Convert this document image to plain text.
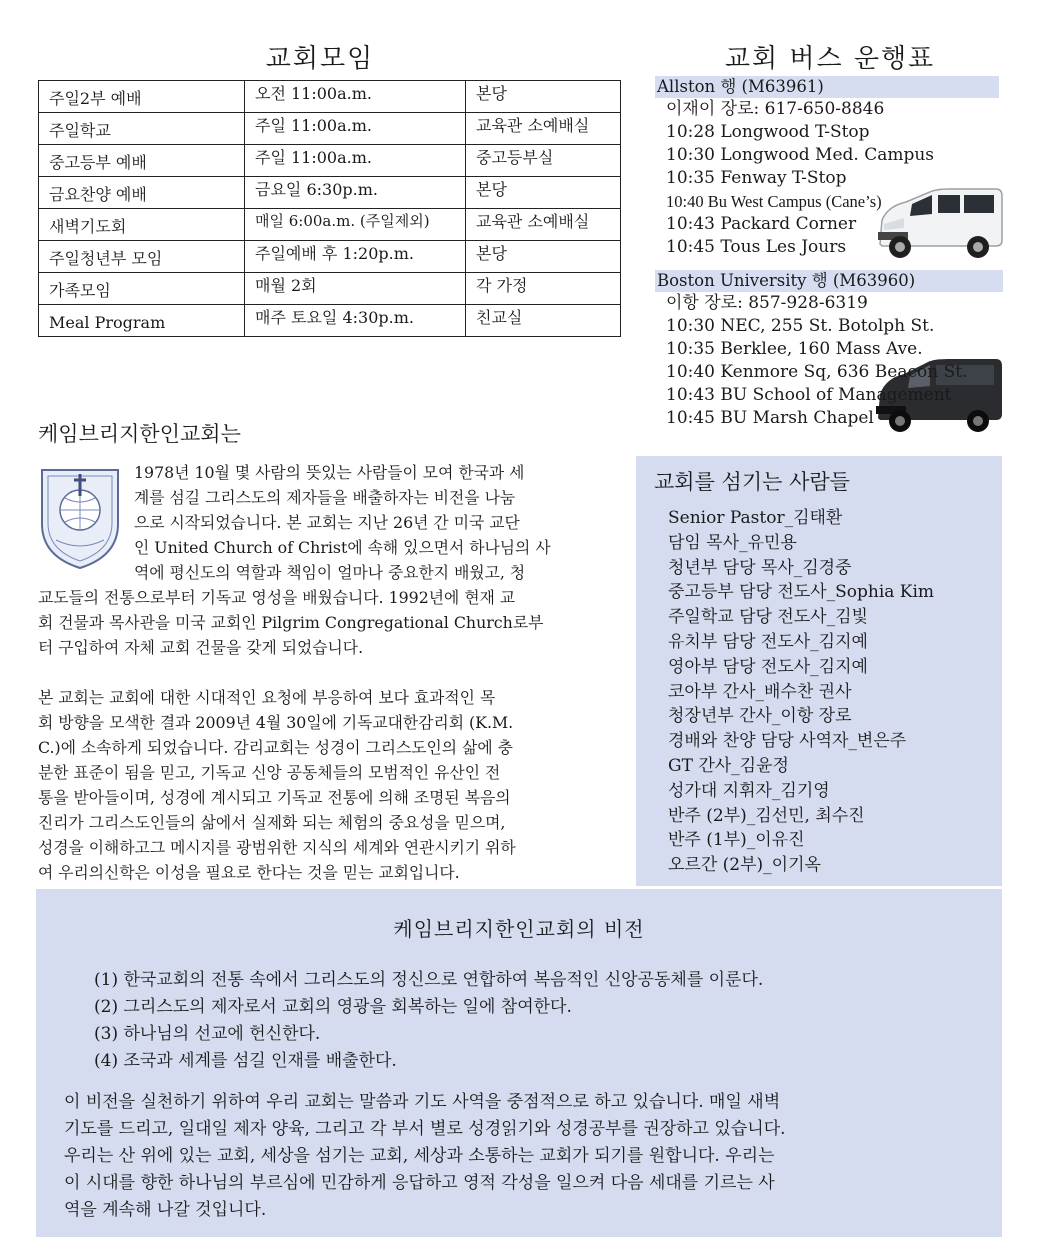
교회모임
주일2부 예배	오전 11:00a.m.	본당
주일학교	주일 11:00a.m.	교육관 소예배실
중고등부 예배	주일 11:00a.m.	중고등부실
금요찬양 예배	금요일 6:30p.m.	본당
새벽기도회	매일 6:00a.m. (주일제외)	교육관 소예배실
주일청년부 모임	주일예배 후 1:20p.m.	본당
가족모임	매월 2회	각 가정
Meal Program	매주 토요일 4:30p.m.	친교실
교회 버스 운행표
Allston 행 (M63961)
이재이 장로: 617-650-8846
10:28 Longwood T-Stop
10:30 Longwood Med. Campus
10:35 Fenway T-Stop
10:40 Bu West Campus (Cane’s)
10:43 Packard Corner
10:45 Tous Les Jours
Boston University 행 (M63960)
이항 장로: 857-928-6319
10:30 NEC, 255 St. Botolph St.
10:35 Berklee, 160 Mass Ave.
10:40 Kenmore Sq, 636 Beacon St.
10:43 BU School of Management
10:45 BU Marsh Chapel
케임브리지한인교회는

1978년 10월 몇 사람의 뜻있는 사람들이 모여 한국과 세

계를 섬길 그리스도의 제자들을 배출하자는 비전을 나눔

으로 시작되었습니다. 본 교회는 지난 26년 간 미국 교단

인 United Church of Christ에 속해 있으면서 하나님의 사

역에 평신도의 역할과 책임이 얼마나 중요한지 배웠고, 청

교도들의 전통으로부터 기독교 영성을 배웠습니다. 1992년에 현재 교

회 건물과 목사관을 미국 교회인 Pilgrim Congregational Church로부

터 구입하여 자체 교회 건물을 갖게 되었습니다.

본 교회는 교회에 대한 시대적인 요청에 부응하여 보다 효과적인 목

회 방향을 모색한 결과 2009년 4월 30일에 기독교대한감리회 (K.M.

C.)에 소속하게 되었습니다. 감리교회는 성경이 그리스도인의 삶에 충

분한 표준이 됨을 믿고, 기독교 신앙 공동체들의 모범적인 유산인 전

통을 받아들이며, 성경에 계시되고 기독교 전통에 의해 조명된 복음의

진리가 그리스도인들의 삶에서 실제화 되는 체험의 중요성을 믿으며,

성경을 이해하고그 메시지를 광범위한 지식의 세계와 연관시키기 위하

여 우리의신학은 이성을 필요로 한다는 것을 믿는 교회입니다.

교회를 섬기는 사람들
Senior Pastor_김태환
담임 목사_유민용
청년부 담당 목사_김경중
중고등부 담당 전도사_Sophia Kim
주일학교 담당 전도사_김빛
유치부 담당 전도사_김지예
영아부 담당 전도사_김지예
코아부 간사_배수찬 권사
청장년부 간사_이항 장로
경배와 찬양 담당 사역자_변은주
GT 간사_김윤정
성가대 지휘자_김기영
반주 (2부)_김선민, 최수진
반주 (1부)_이유진
오르간 (2부)_이기옥
케임브리지한인교회의 비전
(1) 한국교회의 전통 속에서 그리스도의 정신으로 연합하여 복음적인 신앙공동체를 이룬다.
(2) 그리스도의 제자로서 교회의 영광을 회복하는 일에 참여한다.
(3) 하나님의 선교에 헌신한다.
(4) 조국과 세계를 섬길 인재를 배출한다.
이 비전을 실천하기 위하여 우리 교회는 말씀과 기도 사역을 중점적으로 하고 있습니다. 매일 새벽
기도를 드리고, 일대일 제자 양육, 그리고 각 부서 별로 성경읽기와 성경공부를 권장하고 있습니다.
우리는 산 위에 있는 교회, 세상을 섬기는 교회, 세상과 소통하는 교회가 되기를 원합니다. 우리는
이 시대를 향한 하나님의 부르심에 민감하게 응답하고 영적 각성을 일으켜 다음 세대를 기르는 사
역을 계속해 나갈 것입니다.
